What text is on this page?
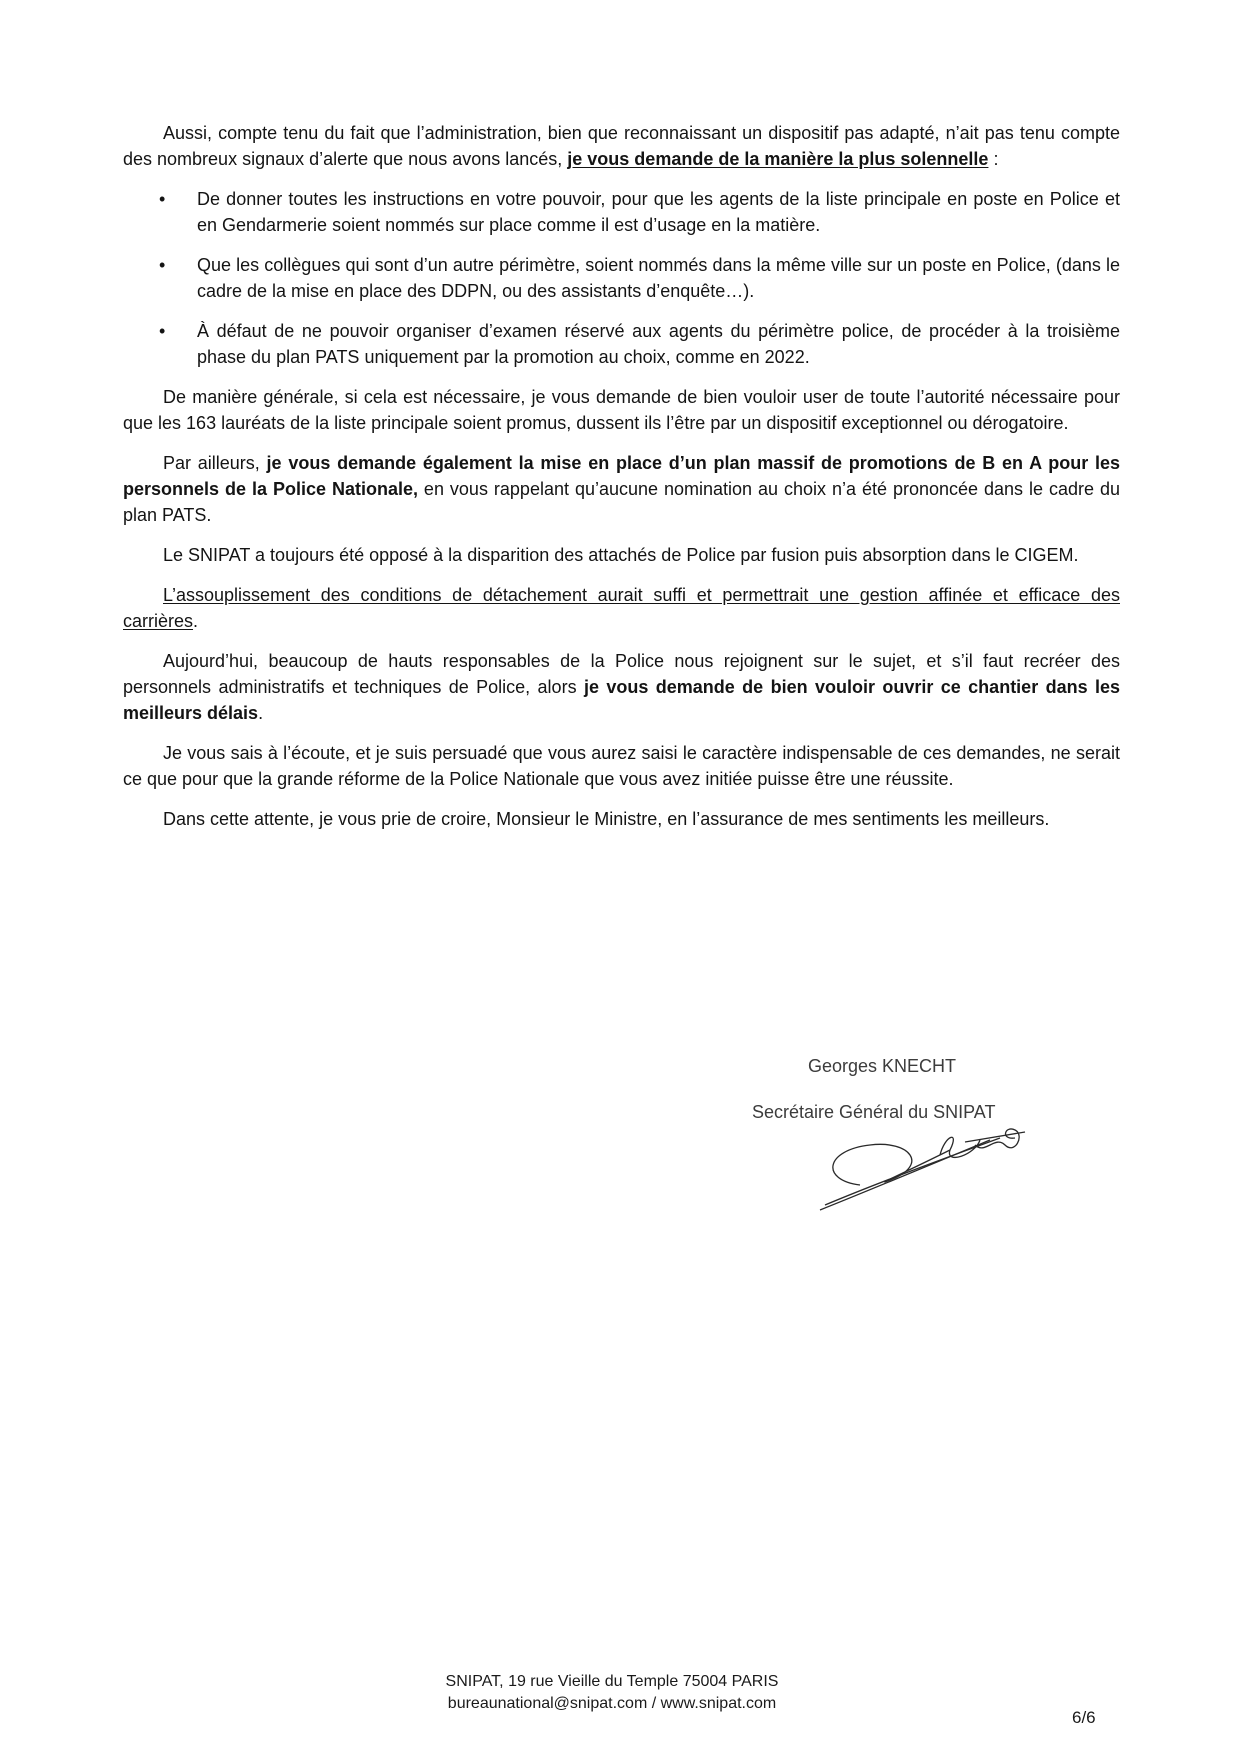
Aussi, compte tenu du fait que l’administration, bien que reconnaissant un dispositif pas adapté, n’ait pas tenu compte des nombreux signaux d’alerte que nous avons lancés, je vous demande de la manière la plus solennelle :

• De donner toutes les instructions en votre pouvoir, pour que les agents de la liste principale en poste en Police et en Gendarmerie soient nommés sur place comme il est d’usage en la matière.
• Que les collègues qui sont d’un autre périmètre, soient nommés dans la même ville sur un poste en Police, (dans le cadre de la mise en place des DDPN, ou des assistants d’enquête…).
• À défaut de ne pouvoir organiser d’examen réservé aux agents du périmètre police, de procéder à la troisième phase du plan PATS uniquement par la promotion au choix, comme en 2022.

De manière générale, si cela est nécessaire, je vous demande de bien vouloir user de toute l’autorité nécessaire pour que les 163 lauréats de la liste principale soient promus, dussent ils l’être par un dispositif exceptionnel ou dérogatoire.

Par ailleurs, je vous demande également la mise en place d’un plan massif de promotions de B en A pour les personnels de la Police Nationale, en vous rappelant qu’aucune nomination au choix n’a été prononcée dans le cadre du plan PATS.

Le SNIPAT a toujours été opposé à la disparition des attachés de Police par fusion puis absorption dans le CIGEM.

L’assouplissement des conditions de détachement aurait suffi et permettrait une gestion affinée et efficace des carrières.

Aujourd’hui, beaucoup de hauts responsables de la Police nous rejoignent sur le sujet, et s’il faut recréer des personnels administratifs et techniques de Police, alors je vous demande de bien vouloir ouvrir ce chantier dans les meilleurs délais.

Je vous sais à l’écoute, et je suis persuadé que vous aurez saisi le caractère indispensable de ces demandes, ne serait ce que pour que la grande réforme de la Police Nationale que vous avez initiée puisse être une réussite.

Dans cette attente, je vous prie de croire, Monsieur le Ministre, en l’assurance de mes sentiments les meilleurs.

Georges KNECHT
Secrétaire Général du SNIPAT
SNIPAT, 19 rue Vieille du Temple 75004 PARIS
bureaunational@snipat.com / www.snipat.com
6/6
